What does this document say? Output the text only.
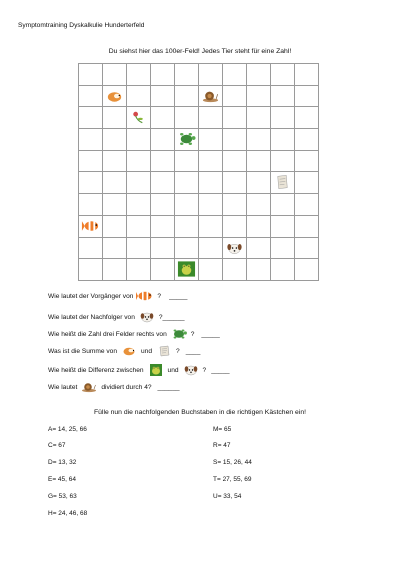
Symptomtraining Dyskalkulie Hunderterfeld
Du siehst hier das 100er-Feld! Jedes Tier steht für eine Zahl!
Wie lautet der Vorgänger von	? _____
Wie lautet der Nachfolger von	? ______
Wie heißt die Zahl drei Felder rechts von	? _____
Was ist die Summe von	und	? ____
Wie heißt die Differenz zwischen	und	? _____
Wie lautet	dividiert durch 4? ______
Fülle nun die nachfolgenden Buchstaben in die richtigen Kästchen ein!
A= 14, 25, 66
C= 67
D= 13, 32
E= 45, 64
G= 53, 63
H= 24, 46, 68
M= 65
R= 47
S= 15, 26, 44
T= 27, 55, 69
U= 33, 54
